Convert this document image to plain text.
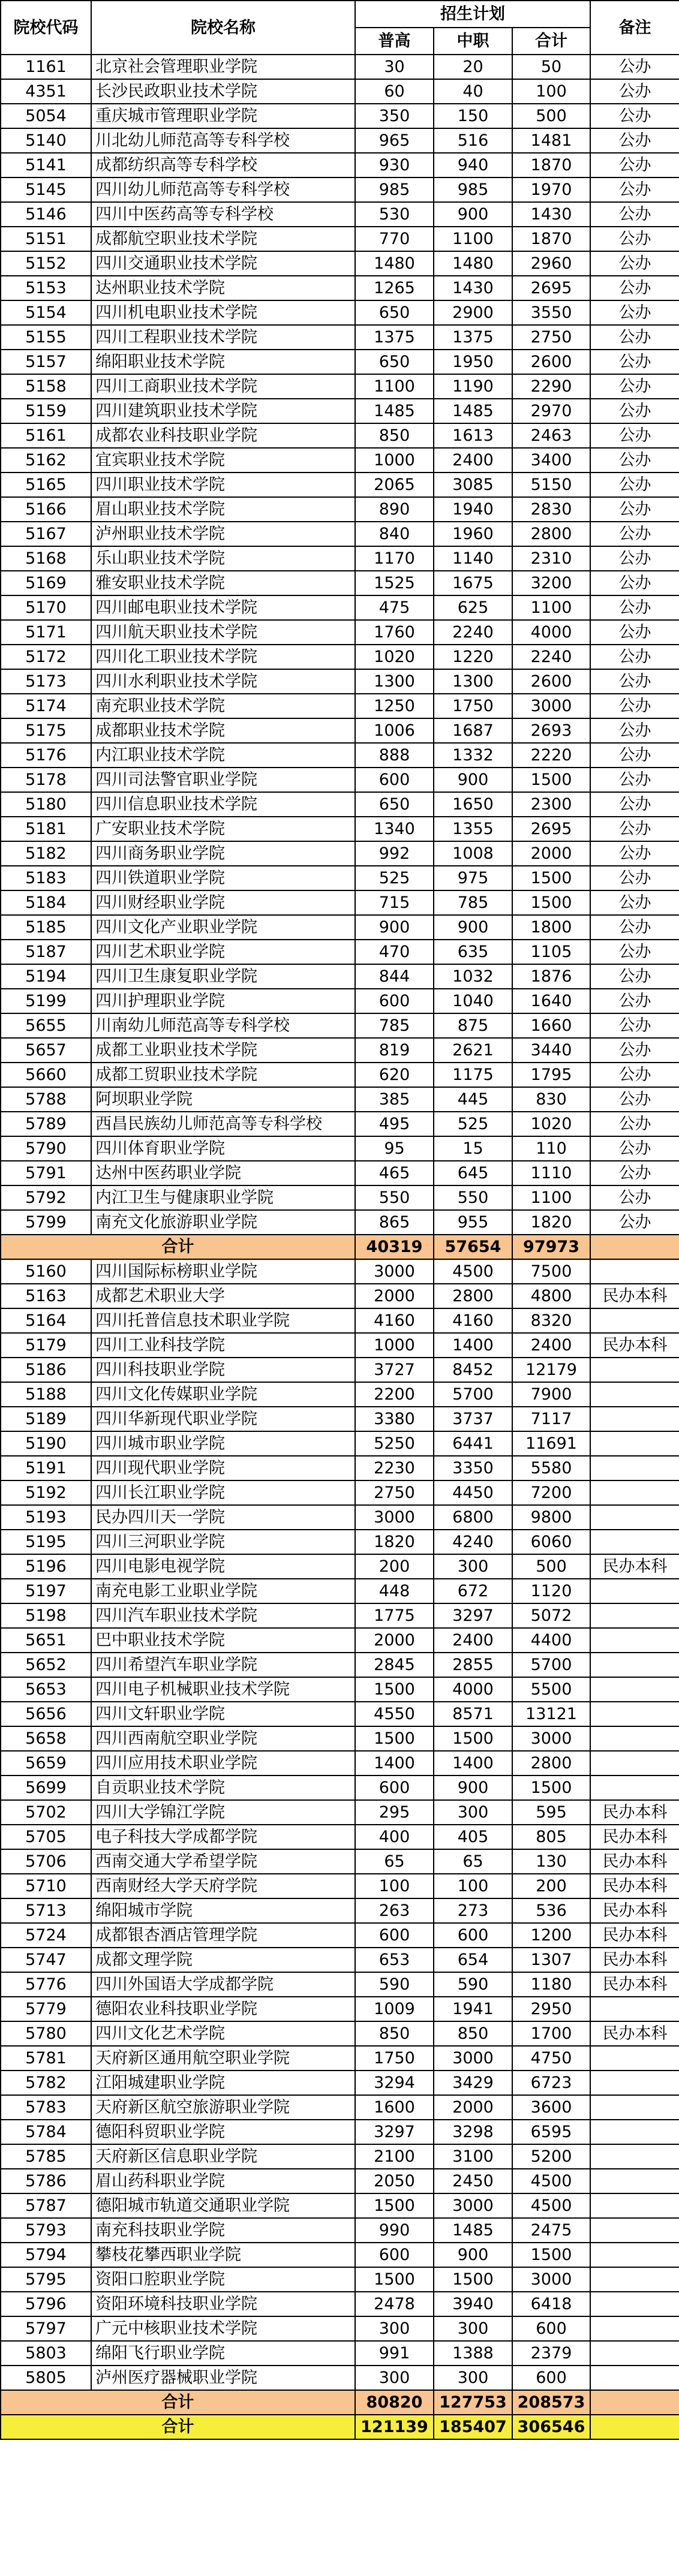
院校代码	院校名称	招生计划			备注
		普高	中职	合计	
1161	北京社会管理职业学院	30	20	50	公办
4351	长沙民政职业技术学院	60	40	100	公办
5054	重庆城市管理职业学院	350	150	500	公办
5140	川北幼儿师范高等专科学校	965	516	1481	公办
5141	成都纺织高等专科学校	930	940	1870	公办
5145	四川幼儿师范高等专科学校	985	985	1970	公办
5146	四川中医药高等专科学校	530	900	1430	公办
5151	成都航空职业技术学院	770	1100	1870	公办
5152	四川交通职业技术学院	1480	1480	2960	公办
5153	达州职业技术学院	1265	1430	2695	公办
5154	四川机电职业技术学院	650	2900	3550	公办
5155	四川工程职业技术学院	1375	1375	2750	公办
5157	绵阳职业技术学院	650	1950	2600	公办
5158	四川工商职业技术学院	1100	1190	2290	公办
5159	四川建筑职业技术学院	1485	1485	2970	公办
5161	成都农业科技职业学院	850	1613	2463	公办
5162	宜宾职业技术学院	1000	2400	3400	公办
5165	四川职业技术学院	2065	3085	5150	公办
5166	眉山职业技术学院	890	1940	2830	公办
5167	泸州职业技术学院	840	1960	2800	公办
5168	乐山职业技术学院	1170	1140	2310	公办
5169	雅安职业技术学院	1525	1675	3200	公办
5170	四川邮电职业技术学院	475	625	1100	公办
5171	四川航天职业技术学院	1760	2240	4000	公办
5172	四川化工职业技术学院	1020	1220	2240	公办
5173	四川水利职业技术学院	1300	1300	2600	公办
5174	南充职业技术学院	1250	1750	3000	公办
5175	成都职业技术学院	1006	1687	2693	公办
5176	内江职业技术学院	888	1332	2220	公办
5178	四川司法警官职业学院	600	900	1500	公办
5180	四川信息职业技术学院	650	1650	2300	公办
5181	广安职业技术学院	1340	1355	2695	公办
5182	四川商务职业学院	992	1008	2000	公办
5183	四川铁道职业学院	525	975	1500	公办
5184	四川财经职业学院	715	785	1500	公办
5185	四川文化产业职业学院	900	900	1800	公办
5187	四川艺术职业学院	470	635	1105	公办
5194	四川卫生康复职业学院	844	1032	1876	公办
5199	四川护理职业学院	600	1040	1640	公办
5655	川南幼儿师范高等专科学校	785	875	1660	公办
5657	成都工业职业技术学院	819	2621	3440	公办
5660	成都工贸职业技术学院	620	1175	1795	公办
5788	阿坝职业学院	385	445	830	公办
5789	西昌民族幼儿师范高等专科学校	495	525	1020	公办
5790	四川体育职业学院	95	15	110	公办
5791	达州中医药职业学院	465	645	1110	公办
5792	内江卫生与健康职业学院	550	550	1100	公办
5799	南充文化旅游职业学院	865	955	1820	公办
合计		40319	57654	97973	
5160	四川国际标榜职业学院	3000	4500	7500	
5163	成都艺术职业大学	2000	2800	4800	民办本科
5164	四川托普信息技术职业学院	4160	4160	8320	
5179	四川工业科技学院	1000	1400	2400	民办本科
5186	四川科技职业学院	3727	8452	12179	
5188	四川文化传媒职业学院	2200	5700	7900	
5189	四川华新现代职业学院	3380	3737	7117	
5190	四川城市职业学院	5250	6441	11691	
5191	四川现代职业学院	2230	3350	5580	
5192	四川长江职业学院	2750	4450	7200	
5193	民办四川天一学院	3000	6800	9800	
5195	四川三河职业学院	1820	4240	6060	
5196	四川电影电视学院	200	300	500	民办本科
5197	南充电影工业职业学院	448	672	1120	
5198	四川汽车职业技术学院	1775	3297	5072	
5651	巴中职业技术学院	2000	2400	4400	
5652	四川希望汽车职业学院	2845	2855	5700	
5653	四川电子机械职业技术学院	1500	4000	5500	
5656	四川文轩职业学院	4550	8571	13121	
5658	四川西南航空职业学院	1500	1500	3000	
5659	四川应用技术职业学院	1400	1400	2800	
5699	自贡职业技术学院	600	900	1500	
5702	四川大学锦江学院	295	300	595	民办本科
5705	电子科技大学成都学院	400	405	805	民办本科
5706	西南交通大学希望学院	65	65	130	民办本科
5710	西南财经大学天府学院	100	100	200	民办本科
5713	绵阳城市学院	263	273	536	民办本科
5724	成都银杏酒店管理学院	600	600	1200	民办本科
5747	成都文理学院	653	654	1307	民办本科
5776	四川外国语大学成都学院	590	590	1180	民办本科
5779	德阳农业科技职业学院	1009	1941	2950	
5780	四川文化艺术学院	850	850	1700	民办本科
5781	天府新区通用航空职业学院	1750	3000	4750	
5782	江阳城建职业学院	3294	3429	6723	
5783	天府新区航空旅游职业学院	1600	2000	3600	
5784	德阳科贸职业学院	3297	3298	6595	
5785	天府新区信息职业学院	2100	3100	5200	
5786	眉山药科职业学院	2050	2450	4500	
5787	德阳城市轨道交通职业学院	1500	3000	4500	
5793	南充科技职业学院	990	1485	2475	
5794	攀枝花攀西职业学院	600	900	1500	
5795	资阳口腔职业学院	1500	1500	3000	
5796	资阳环境科技职业学院	2478	3940	6418	
5797	广元中核职业技术学院	300	300	600	
5803	绵阳飞行职业学院	991	1388	2379	
5805	泸州医疗器械职业学院	300	300	600	
合计		80820	127753	208573	
合计		121139	185407	306546	
